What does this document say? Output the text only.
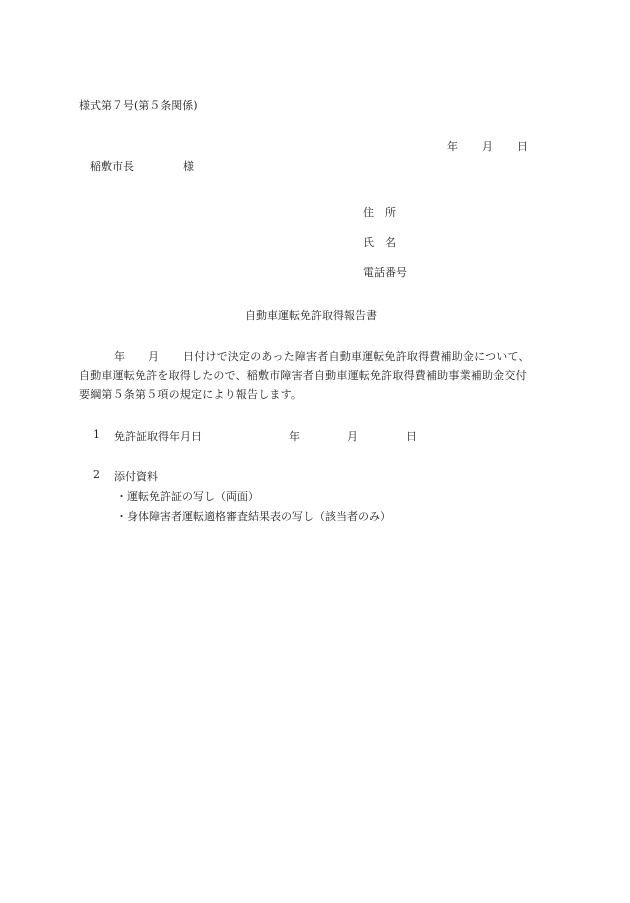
様式第７号(第５条関係)
年 月 日
稲敷市長	様
住　所
氏　名
電話番号
自動車運転免許取得報告書
年 月 日付けで決定のあった障害者自動車運転免許取得費補助金について、
自動車運転免許を取得したので、稲敷市障害者自動車運転免許取得費補助事業補助金交付
要綱第５条第５項の規定により報告します。
1 免許証取得年月日	年	月	日
2 添付資料
・運転免許証の写し（両面）
・身体障害者運転適格審査結果表の写し（該当者のみ）
